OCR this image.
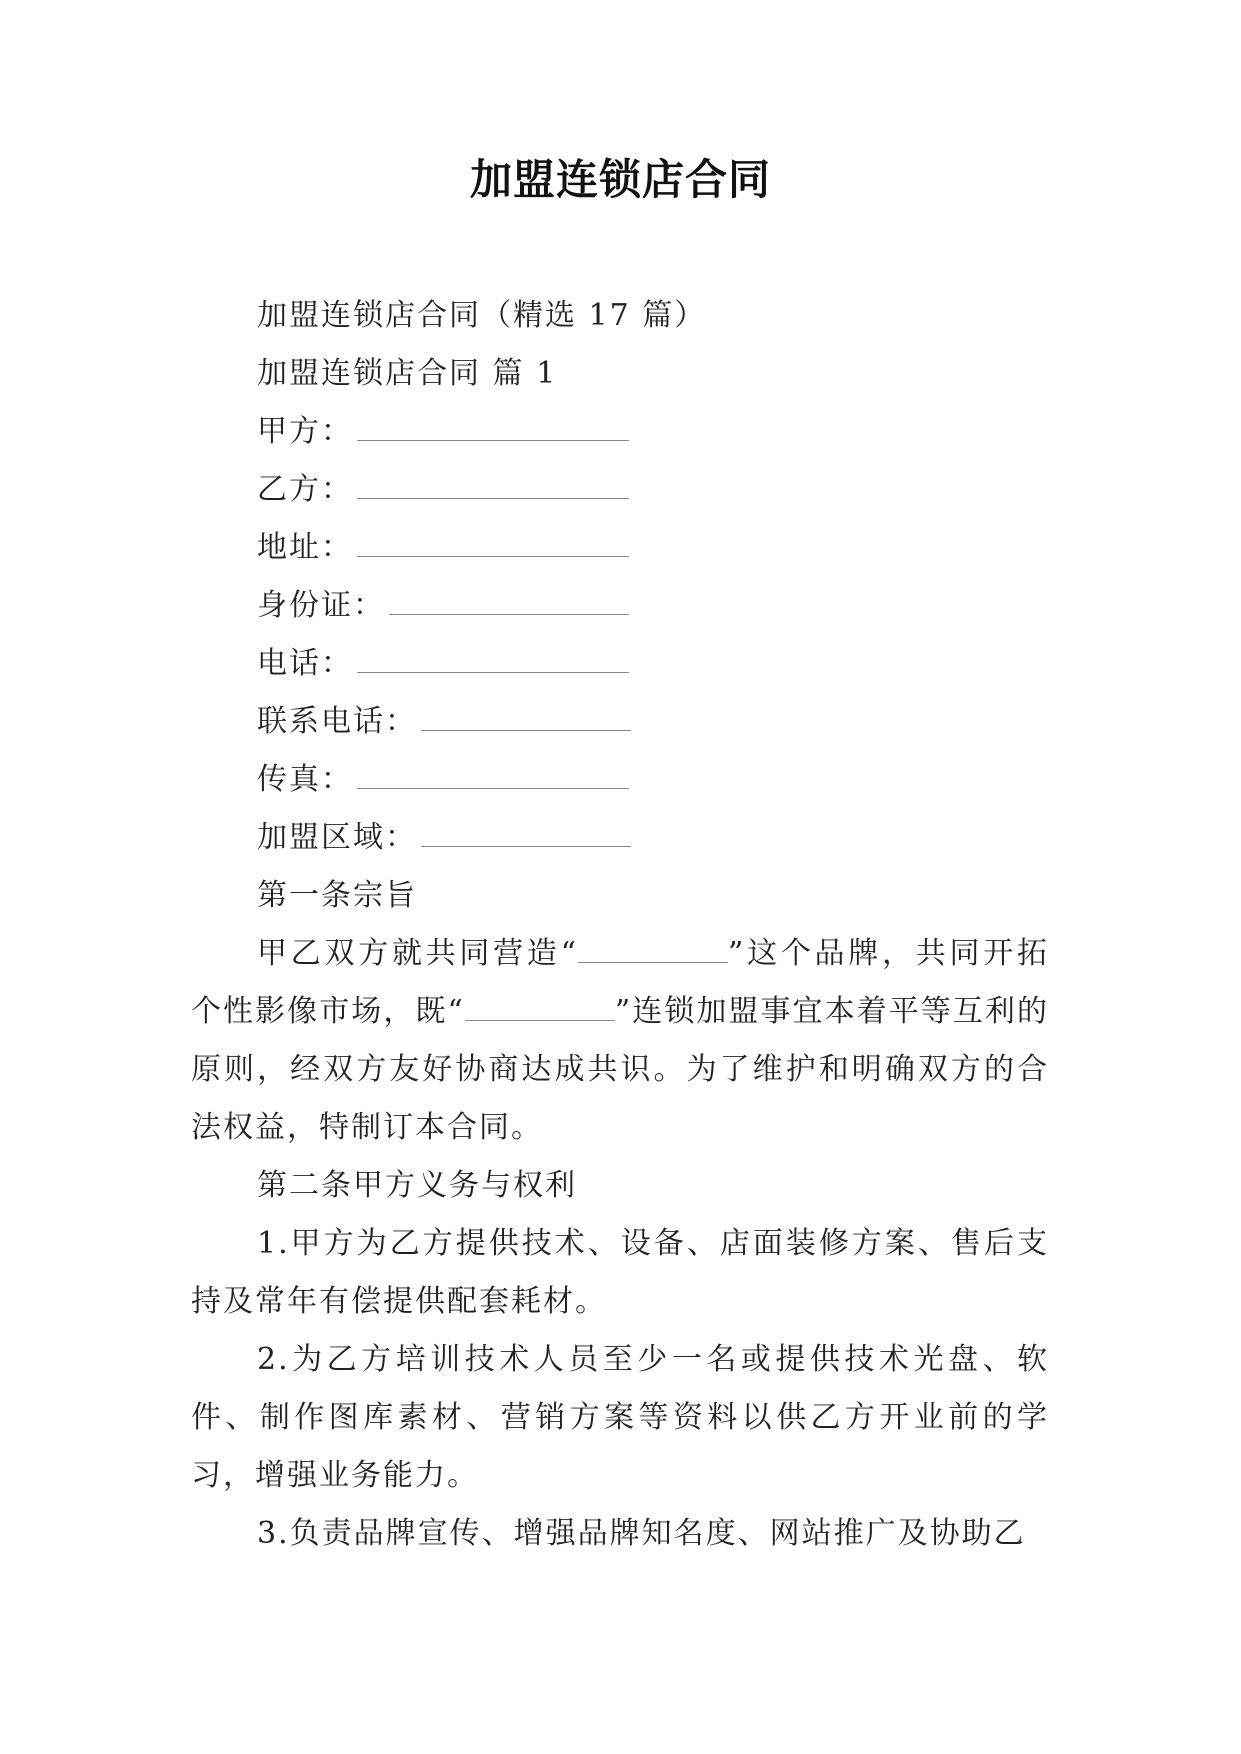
加盟连锁店合同
加盟连锁店合同（精选 17 篇）
加盟连锁店合同 篇 1
甲方：
乙方：
地址：
身份证：
电话：
联系电话：
传真：
加盟区域：
第一条宗旨
甲乙双方就共同营造“	”这个品牌，共同开拓个性影像市场，既“	”连锁加盟事宜本着平等互利的原则，经双方友好协商达成共识。为了维护和明确双方的合法权益，特制订本合同。
第二条甲方义务与权利
1.甲方为乙方提供技术、设备、店面装修方案、售后支持及常年有偿提供配套耗材。
2.为乙方培训技术人员至少一名或提供技术光盘、软件、制作图库素材、营销方案等资料以供乙方开业前的学习，增强业务能力。
3.负责品牌宣传、增强品牌知名度、网站推广及协助乙
